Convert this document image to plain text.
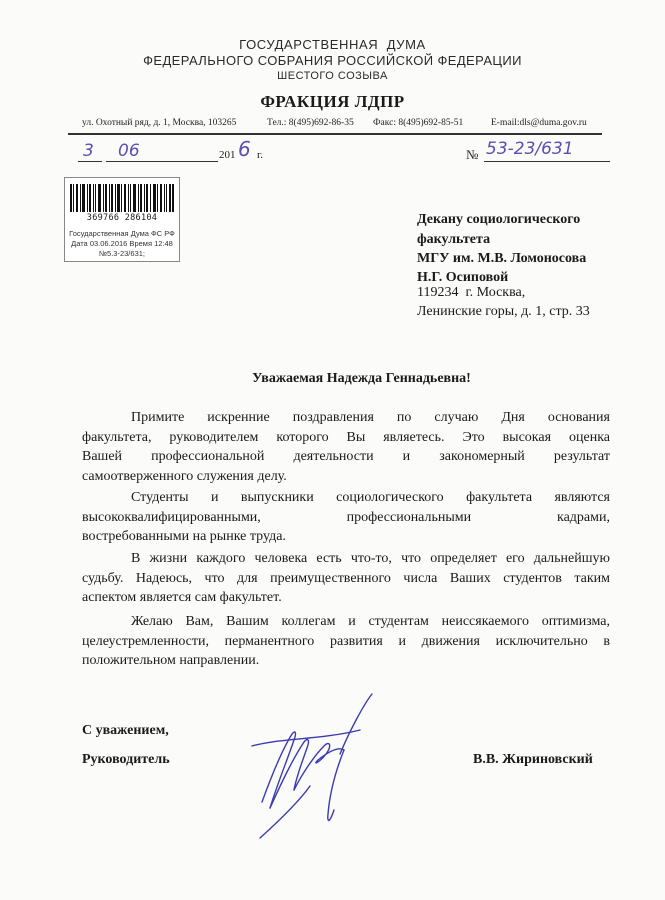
ГОСУДАРСТВЕННАЯ  ДУМА
ФЕДЕРАЛЬНОГО СОБРАНИЯ РОССИЙСКОЙ ФЕДЕРАЦИИ
ШЕСТОГО СОЗЫВА
ФРАКЦИЯ ЛДПР
ул. Охотный ряд, д. 1, Москва, 103265	Тел.: 8(495)692-86-35 Факс: 8(495)692-85-51	E-mail:dls@duma.gov.ru
3 06	201 6 г.	№ 53-23/631
369766 286104
Государственная Дума ФС РФ
Дата 03.06.2016 Время 12:48
№5.3-23/631;
Декану социологического
факультета
МГУ им. М.В. Ломоносова
Н.Г. Осиповой
119234  г. Москва,
Ленинские горы, д. 1, стр. 33
Уважаемая Надежда Геннадьевна!
Примите искренние поздравления по случаю Дня основания
факультета, руководителем которого Вы являетесь. Это высокая оценка
Вашей профессиональной деятельности и закономерный результат
самоотверженного служения делу.
Студенты и выпускники социологического факультета являются
высококвалифицированными, профессиональными кадрами,
востребованными на рынке труда.
В жизни каждого человека есть что-то, что определяет его дальнейшую
судьбу. Надеюсь, что для преимущественного числа Ваших студентов таким
аспектом является сам факультет.
Желаю Вам, Вашим коллегам и студентам неиссякаемого оптимизма,
целеустремленности, перманентного развития и движения исключительно в
положительном направлении.
С уважением,
Руководитель	В.В. Жириновский
